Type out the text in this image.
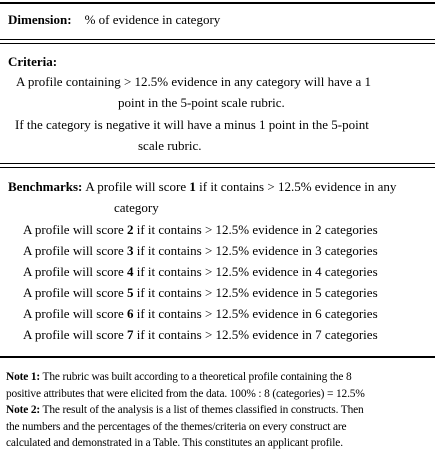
Dimension: % of evidence in category
Criteria:
A profile containing > 12.5% evidence in any category will have a 1
point in the 5-point scale rubric.
If the category is negative it will have a minus 1 point in the 5-point
scale rubric.
Benchmarks: A profile will score 1 if it contains > 12.5% evidence in any
category
A profile will score 2 if it contains > 12.5% evidence in 2 categories
A profile will score 3 if it contains > 12.5% evidence in 3 categories
A profile will score 4 if it contains > 12.5% evidence in 4 categories
A profile will score 5 if it contains > 12.5% evidence in 5 categories
A profile will score 6 if it contains > 12.5% evidence in 6 categories
A profile will score 7 if it contains > 12.5% evidence in 7 categories
Note 1: The rubric was built according to a theoretical profile containing the 8
positive attributes that were elicited from the data. 100% : 8 (categories) = 12.5%
Note 2: The result of the analysis is a list of themes classified in constructs. Then
the numbers and the percentages of the themes/criteria on every construct are
calculated and demonstrated in a Table. This constitutes an applicant profile.
